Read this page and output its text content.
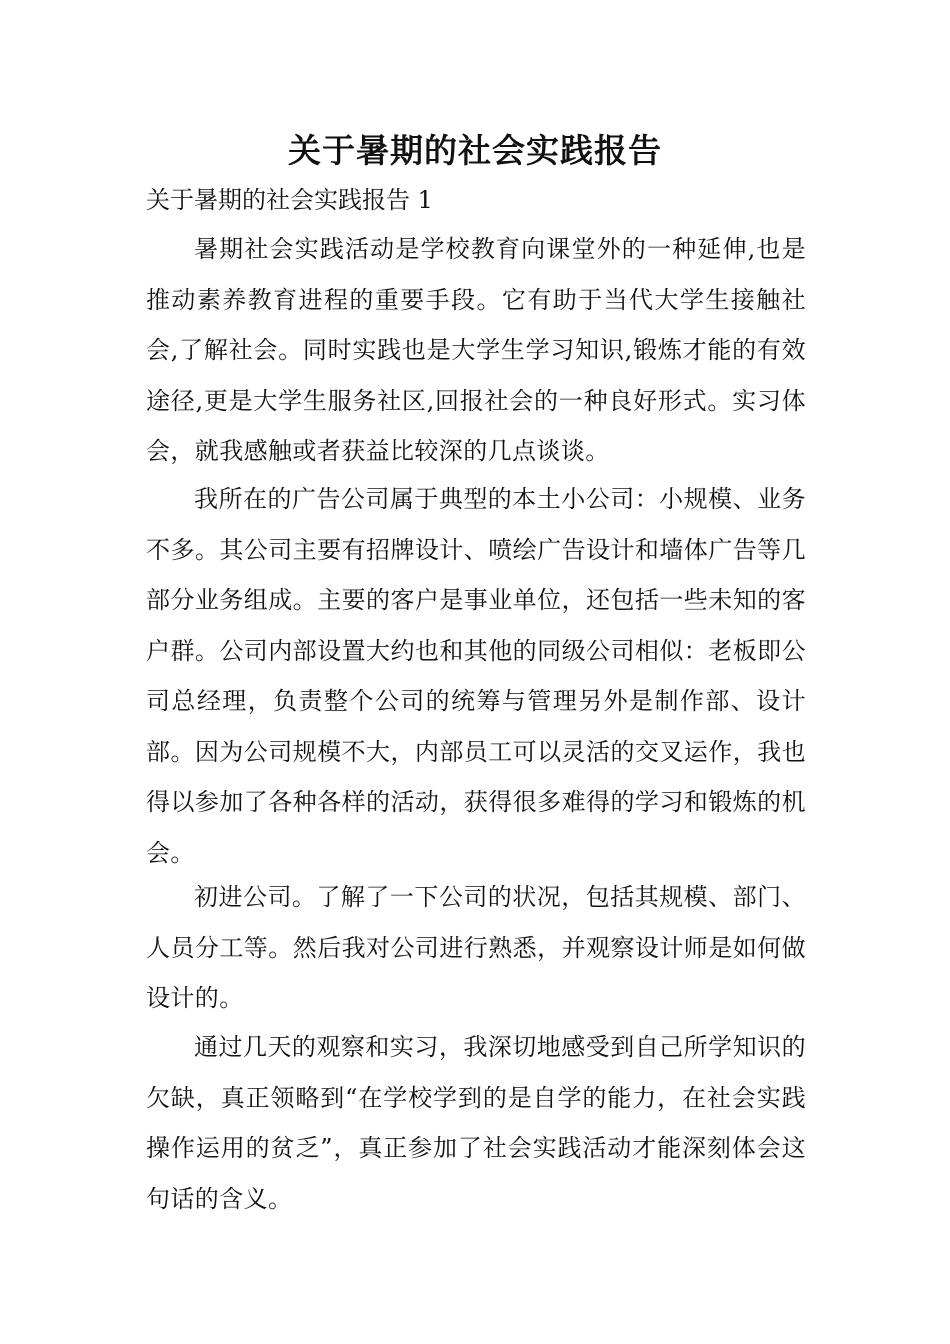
关于暑期的社会实践报告
关于暑期的社会实践报告 1

暑期社会实践活动是学校教育向课堂外的一种延伸,也是推动素养教育进程的重要手段。它有助于当代大学生接触社会,了解社会。同时实践也是大学生学习知识,锻炼才能的有效途径,更是大学生服务社区,回报社会的一种良好形式。实习体会，就我感触或者获益比较深的几点谈谈。

我所在的广告公司属于典型的本土小公司：小规模、业务不多。其公司主要有招牌设计、喷绘广告设计和墙体广告等几部分业务组成。主要的客户是事业单位，还包括一些未知的客户群。公司内部设置大约也和其他的同级公司相似：老板即公司总经理，负责整个公司的统筹与管理另外是制作部、设计部。因为公司规模不大，内部员工可以灵活的交叉运作，我也得以参加了各种各样的活动，获得很多难得的学习和锻炼的机会。

初进公司。了解了一下公司的状况，包括其规模、部门、人员分工等。然后我对公司进行熟悉，并观察设计师是如何做设计的。

通过几天的观察和实习，我深切地感受到自己所学知识的欠缺，真正领略到“在学校学到的是自学的能力，在社会实践操作运用的贫乏”，真正参加了社会实践活动才能深刻体会这句话的含义。
